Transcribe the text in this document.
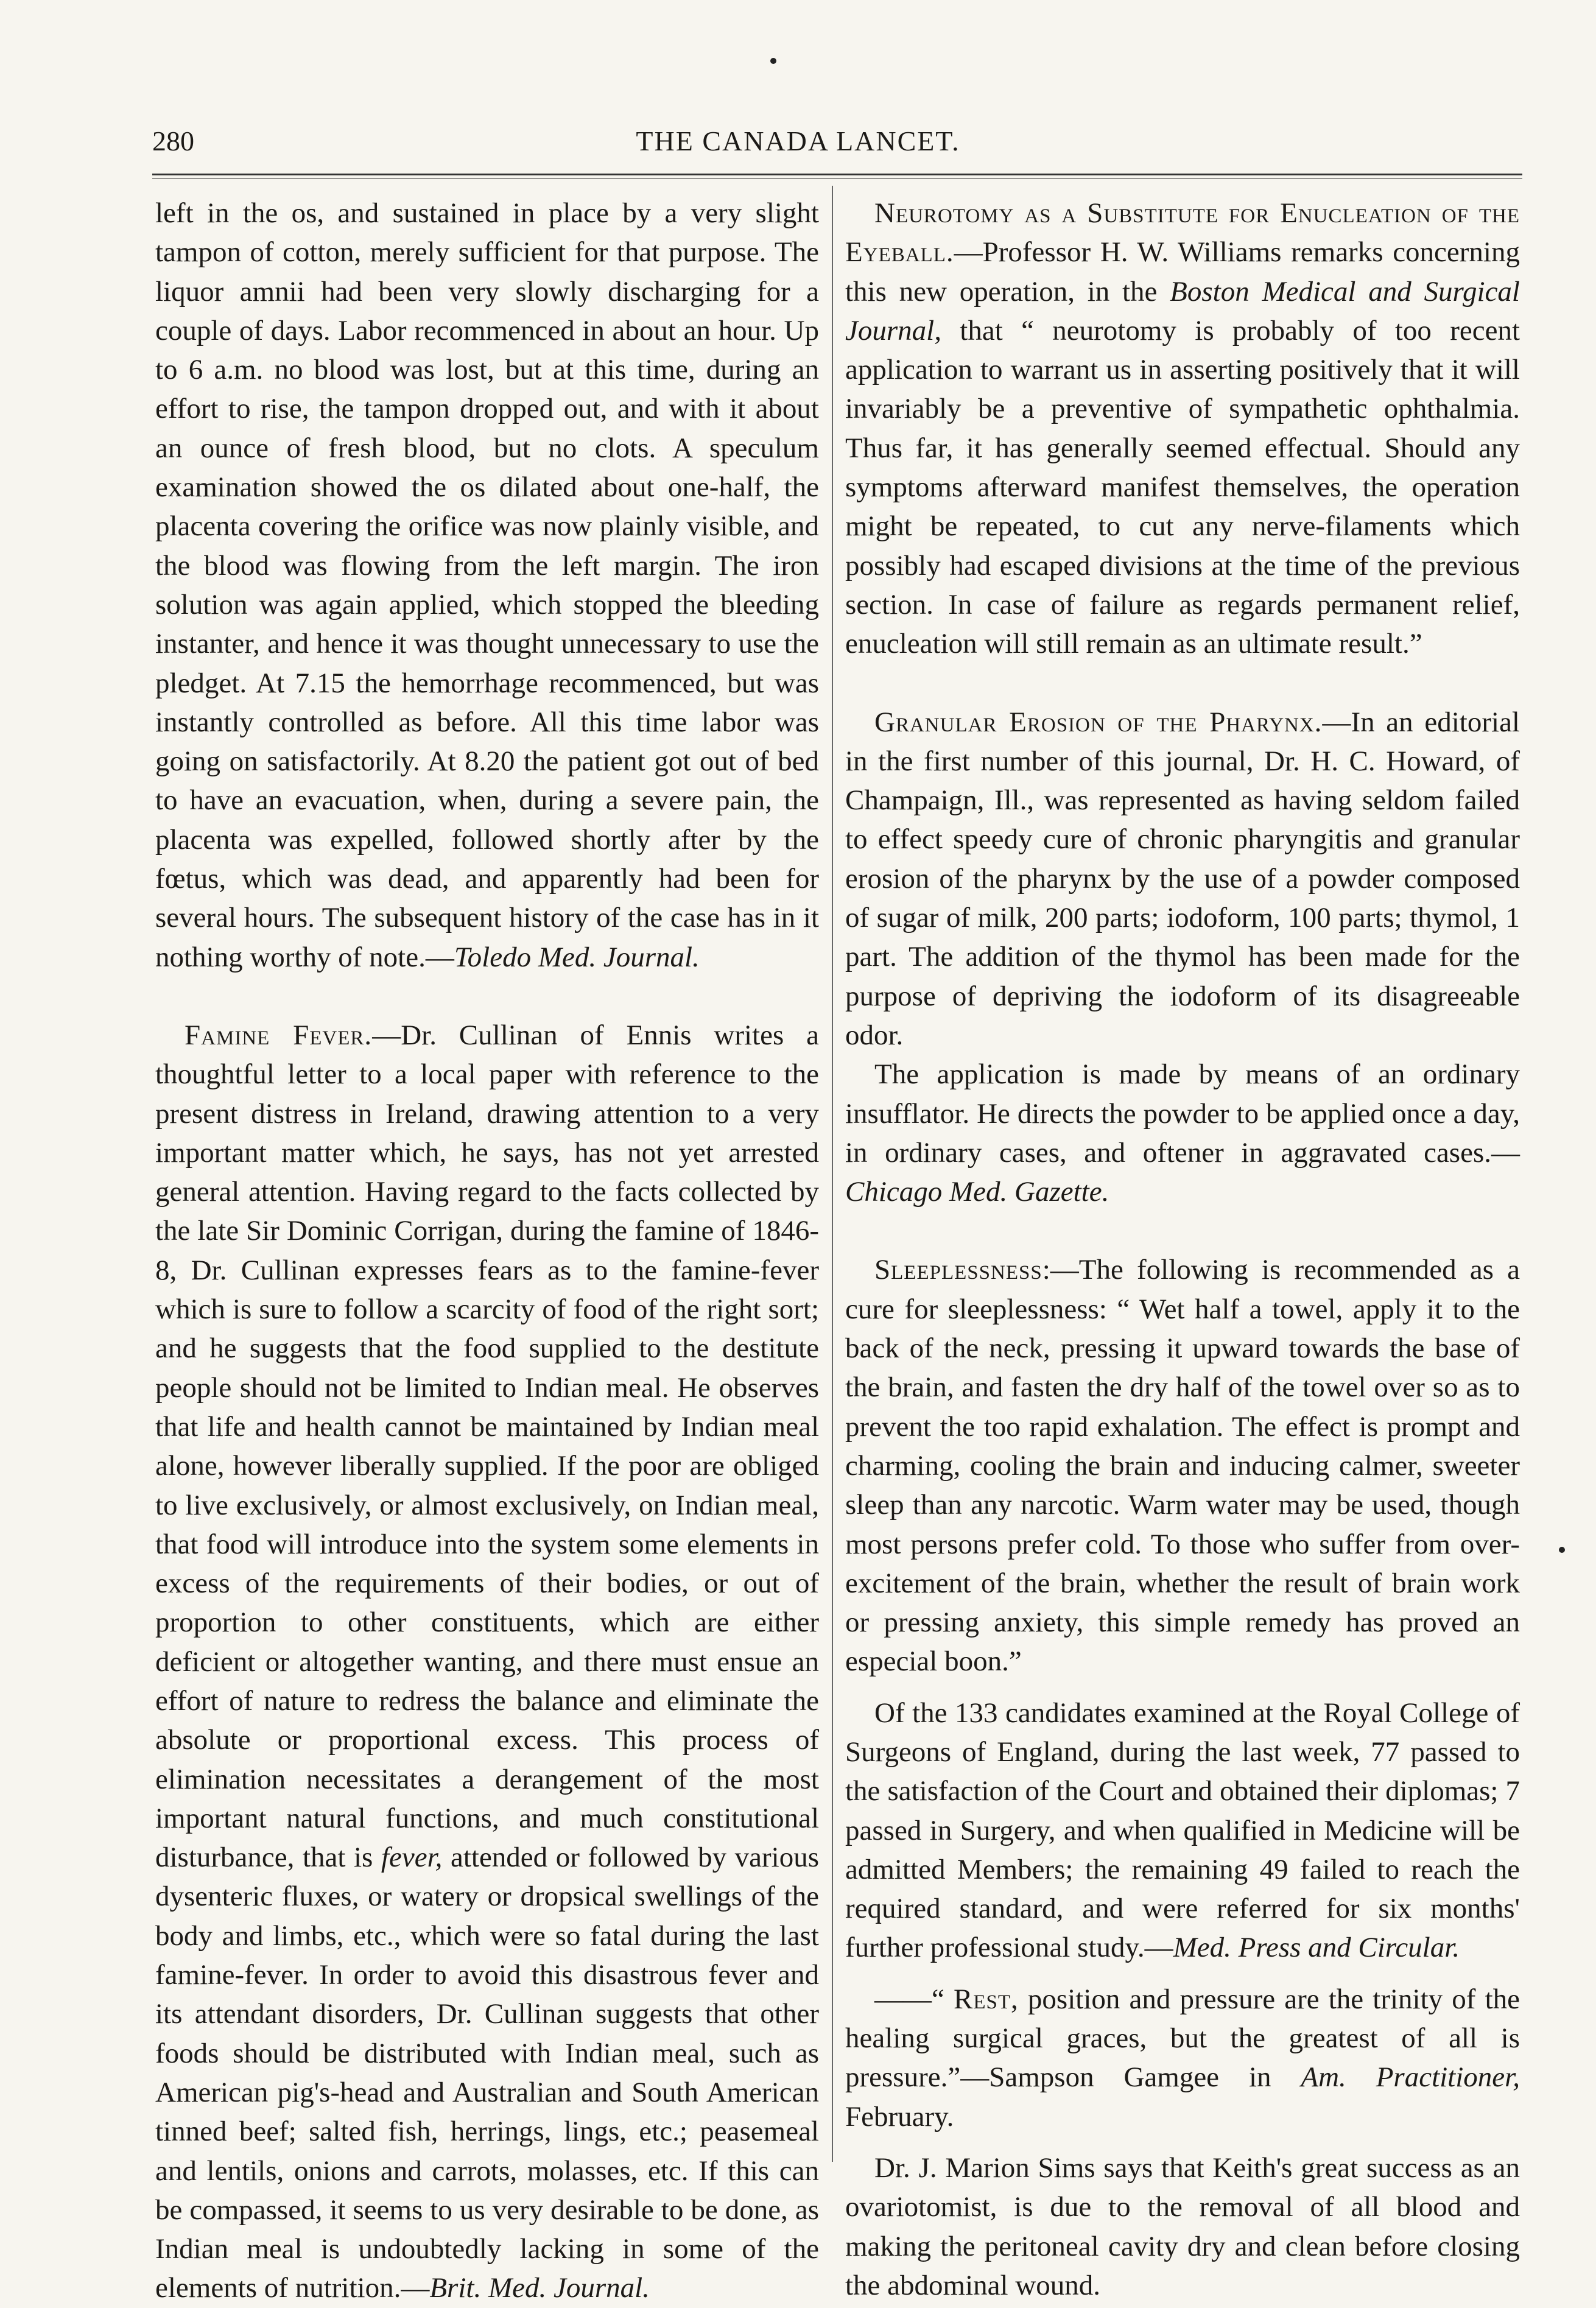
280	THE CANADA LANCET.

left in the os, and sustained in place by a very slight tampon of cotton, merely sufficient for that purpose. The liquor amnii had been very slowly discharging for a couple of days. Labor recommenced in about an hour. Up to 6 a.m. no blood was lost, but at this time, during an effort to rise, the tampon dropped out, and with it about an ounce of fresh blood, but no clots. A speculum examination showed the os dilated about one-half, the placenta covering the orifice was now plainly visible, and the blood was flowing from the left margin. The iron solution was again applied, which stopped the bleeding instanter, and hence it was thought unnecessary to use the pledget. At 7.15 the hemorrhage recommenced, but was instantly controlled as before. All this time labor was going on satisfactorily. At 8.20 the patient got out of bed to have an evacuation, when, during a severe pain, the placenta was expelled, followed shortly after by the fœtus, which was dead, and apparently had been for several hours. The subsequent history of the case has in it nothing worthy of note.—Toledo Med. Journal.

Famine Fever.—Dr. Cullinan of Ennis writes a thoughtful letter to a local paper with reference to the present distress in Ireland, drawing attention to a very important matter which, he says, has not yet arrested general attention. Having regard to the facts collected by the late Sir Dominic Corrigan, during the famine of 1846-8, Dr. Cullinan expresses fears as to the famine-fever which is sure to follow a scarcity of food of the right sort; and he suggests that the food supplied to the destitute people should not be limited to Indian meal. He observes that life and health cannot be maintained by Indian meal alone, however liberally supplied. If the poor are obliged to live exclusively, or almost exclusively, on Indian meal, that food will introduce into the system some elements in excess of the requirements of their bodies, or out of proportion to other constituents, which are either deficient or altogether wanting, and there must ensue an effort of nature to redress the balance and eliminate the absolute or proportional excess. This process of elimination necessitates a derangement of the most important natural functions, and much constitutional disturbance, that is fever, attended or followed by various dysenteric fluxes, or watery or dropsical swellings of the body and limbs, etc., which were so fatal during the last famine-fever. In order to avoid this disastrous fever and its attendant disorders, Dr. Cullinan suggests that other foods should be distributed with Indian meal, such as American pig's-head and Australian and South American tinned beef; salted fish, herrings, lings, etc.; peasemeal and lentils, onions and carrots, molasses, etc. If this can be compassed, it seems to us very desirable to be done, as Indian meal is undoubtedly lacking in some of the elements of nutrition.—Brit. Med. Journal.

Neurotomy as a Substitute for Enucleation of the Eyeball.—Professor H. W. Williams remarks concerning this new operation, in the Boston Medical and Surgical Journal, that “ neurotomy is probably of too recent application to warrant us in asserting positively that it will invariably be a preventive of sympathetic ophthalmia. Thus far, it has generally seemed effectual. Should any symptoms afterward manifest themselves, the operation might be repeated, to cut any nerve-filaments which possibly had escaped divisions at the time of the previous section. In case of failure as regards permanent relief, enucleation will still remain as an ultimate result.”

Granular Erosion of the Pharynx.—In an editorial in the first number of this journal, Dr. H. C. Howard, of Champaign, Ill., was represented as having seldom failed to effect speedy cure of chronic pharyngitis and granular erosion of the pharynx by the use of a powder composed of sugar of milk, 200 parts; iodoform, 100 parts; thymol, 1 part. The addition of the thymol has been made for the purpose of depriving the iodoform of its disagreeable odor.

The application is made by means of an ordinary insufflator. He directs the powder to be applied once a day, in ordinary cases, and oftener in aggravated cases.—Chicago Med. Gazette.

Sleeplessness:—The following is recommended as a cure for sleeplessness: “ Wet half a towel, apply it to the back of the neck, pressing it upward towards the base of the brain, and fasten the dry half of the towel over so as to prevent the too rapid exhalation. The effect is prompt and charming, cooling the brain and inducing calmer, sweeter sleep than any narcotic. Warm water may be used, though most persons prefer cold. To those who suffer from over-excitement of the brain, whether the result of brain work or pressing anxiety, this simple remedy has proved an especial boon.”

Of the 133 candidates examined at the Royal College of Surgeons of England, during the last week, 77 passed to the satisfaction of the Court and obtained their diplomas; 7 passed in Surgery, and when qualified in Medicine will be admitted Members; the remaining 49 failed to reach the required standard, and were referred for six months' further professional study.—Med. Press and Circular.

——“ Rest, position and pressure are the trinity of the healing surgical graces, but the greatest of all is pressure.”—Sampson Gamgee in Am. Practitioner, February.

Dr. J. Marion Sims says that Keith's great success as an ovariotomist, is due to the removal of all blood and making the peritoneal cavity dry and clean before closing the abdominal wound.
